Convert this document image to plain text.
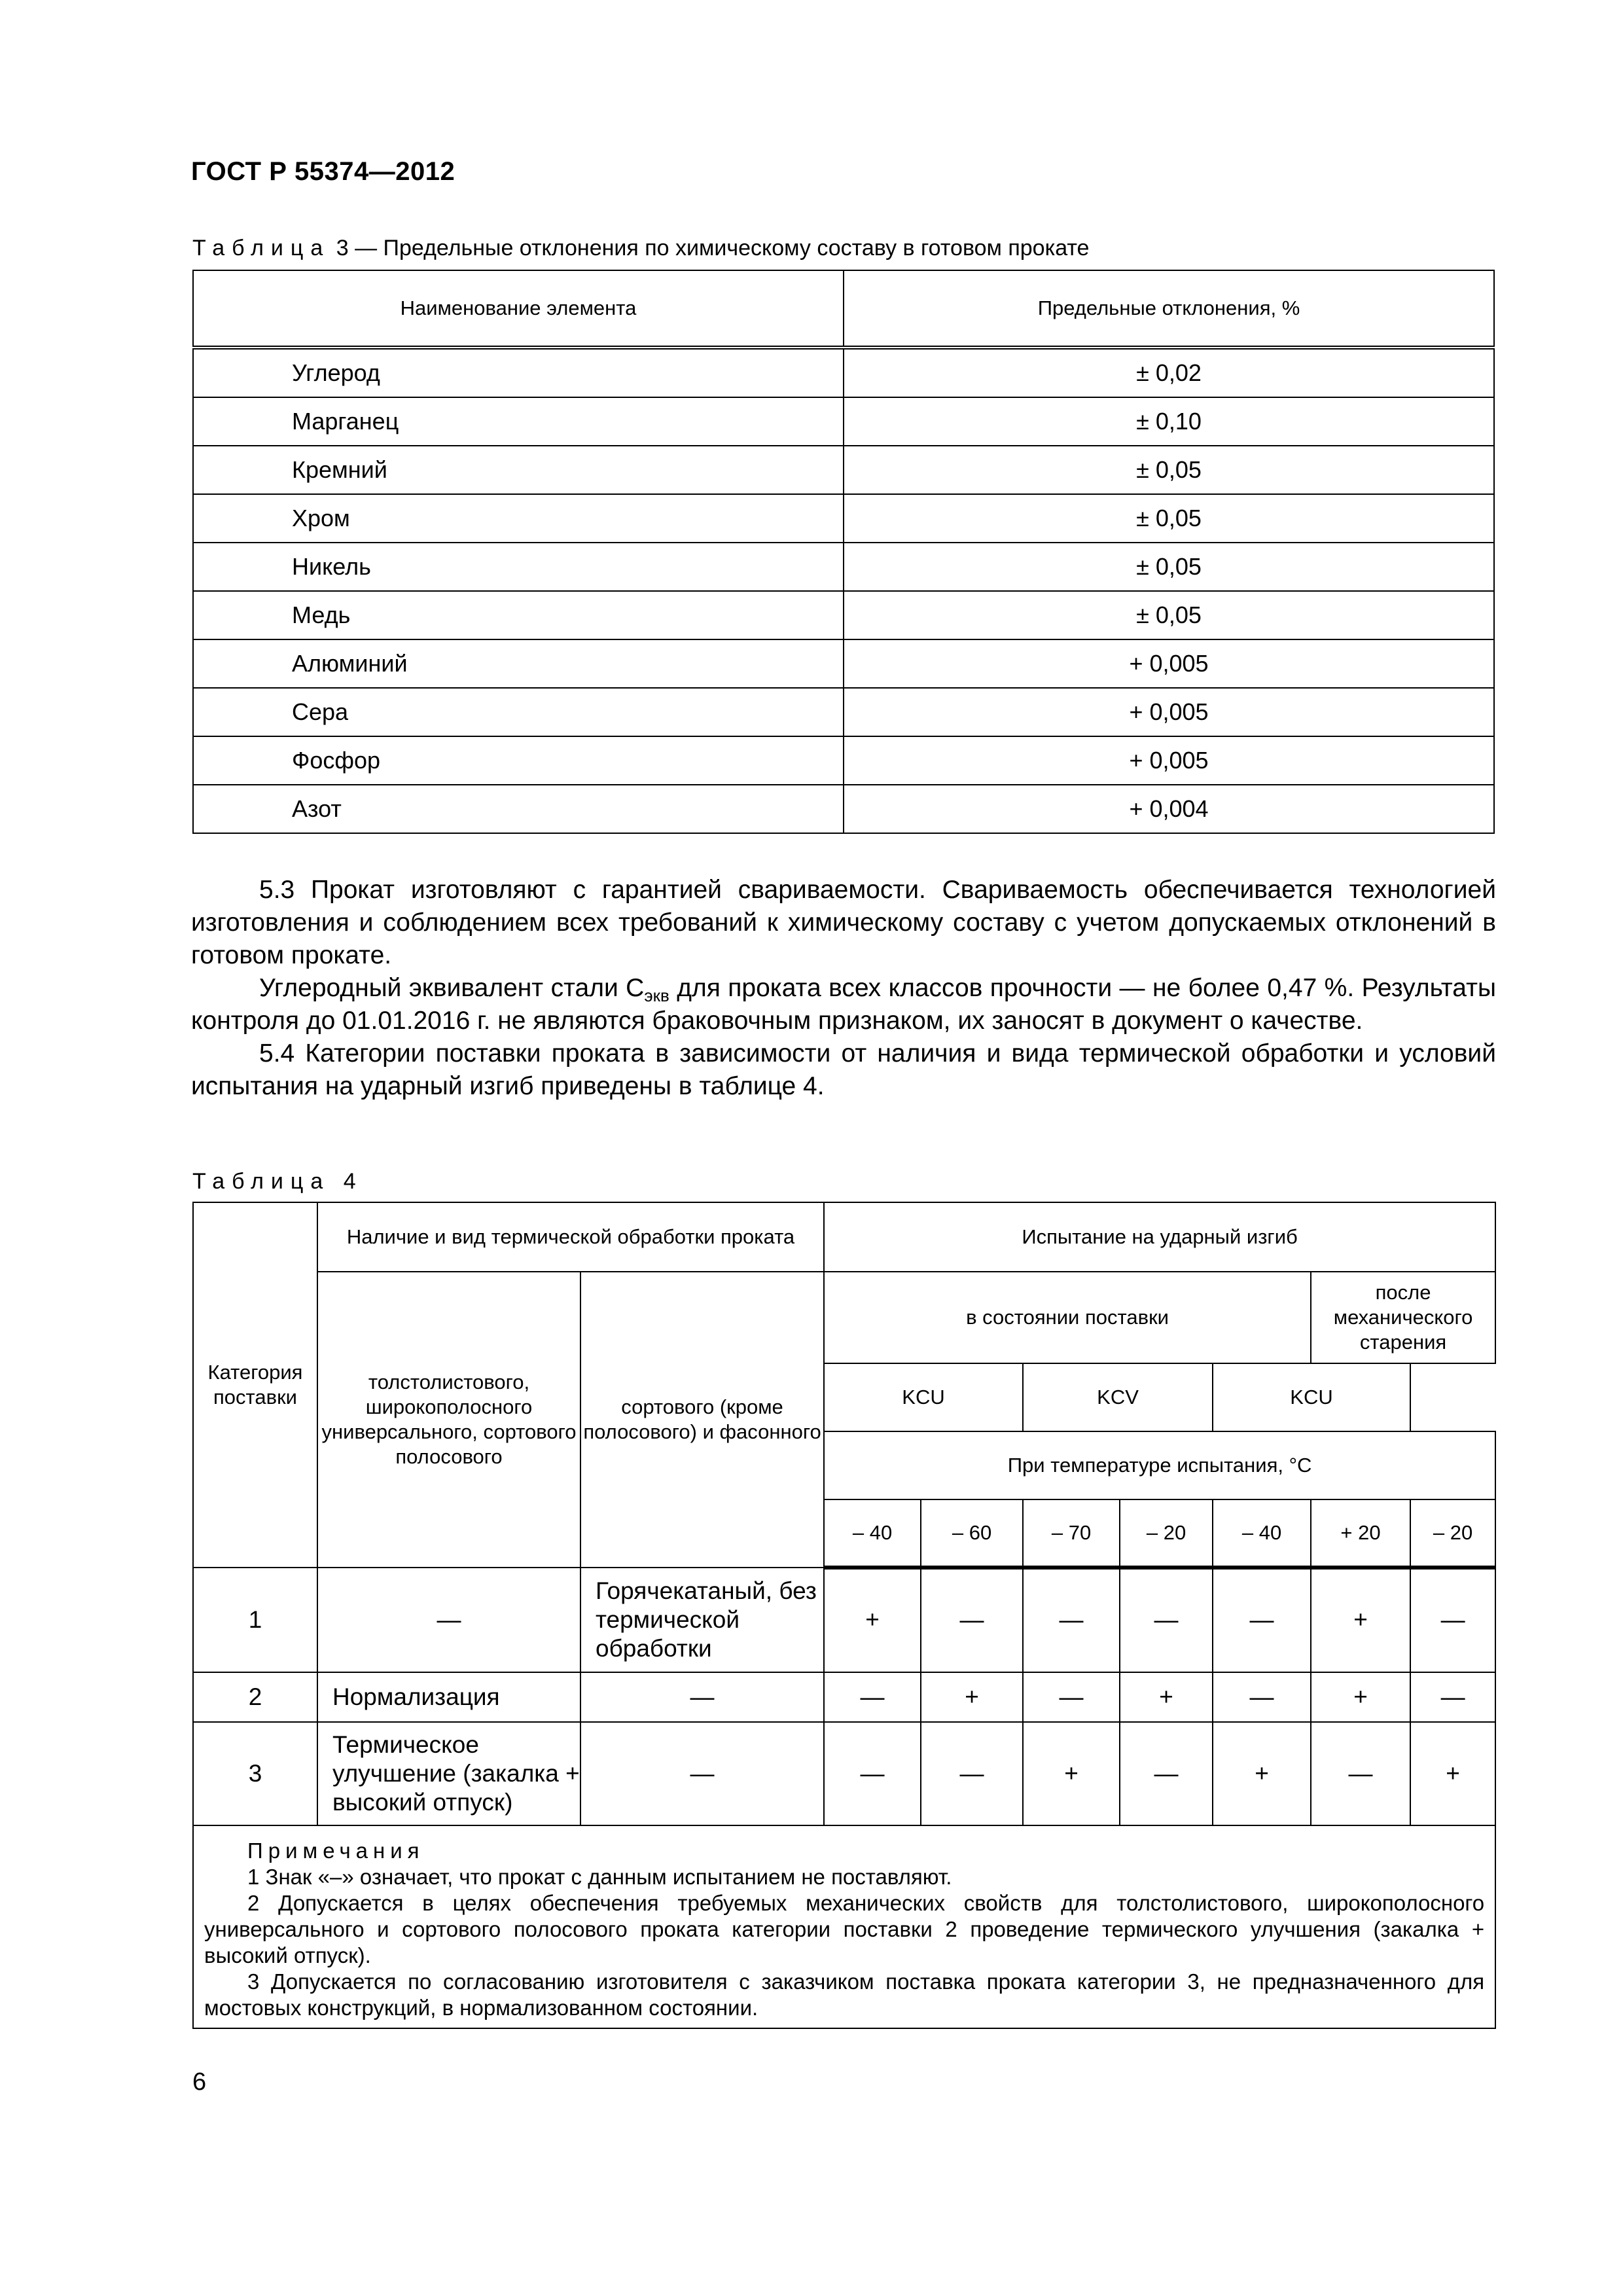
ГОСТ Р 55374—2012
Таблица 3 — Предельные отклонения по химическому составу в готовом прокате
Наименование элемента	Предельные отклонения, %
Углерод	± 0,02
Марганец	± 0,10
Кремний	± 0,05
Хром	± 0,05
Никель	± 0,05
Медь	± 0,05
Алюминий	+ 0,005
Сера	+ 0,005
Фосфор	+ 0,005
Азот	+ 0,004

5.3 Прокат изготовляют с гарантией свариваемости. Свариваемость обеспечивается технологией изготовления и соблюдением всех требований к химическому составу с учетом допускаемых отклонений в готовом прокате.

Углеродный эквивалент стали $С_{экв}$ для проката всех классов прочности — не более 0,47 %. Результаты контроля до 01.01.2016 г. не являются браковочным признаком, их заносят в документ о качестве.

5.4 Категории поставки проката в зависимости от наличия и вида термической обработки и условий испытания на ударный изгиб приведены в таблице 4.

Таблица 4
Категория поставки	Наличие и вид термической обработки проката		Испытание на ударный изгиб						
	толстолистового, широкополосного универсального, сортового полосового	сортового (кроме полосового) и фасонного	в состоянии поставки					после механического старения	
			KCU		KCV		KCU		
			При температуре испытания, °С						
			– 40	– 60	– 70	– 20	– 40	+ 20	– 20

1	—	Горячекатаный, без термической обработки	+	—	—	—	—	+	—
2	Нормализация	—	—	+	—	+	—	+	—
3	Термическое улучшение (закалка + высокий отпуск)	—	—	—	+	—	+	—	+

Примечания

1 Знак «–» означает, что прокат с данным испытанием не поставляют.

2 Допускается в целях обеспечения требуемых механических свойств для толстолистового, широкополосного универсального и сортового полосового проката категории поставки 2 проведение термического улучшения (закалка + высокий отпуск).

3 Допускается по согласованию изготовителя с заказчиком поставка проката категории 3, не предназначенного для мостовых конструкций, в нормализованном состоянии.									

6
